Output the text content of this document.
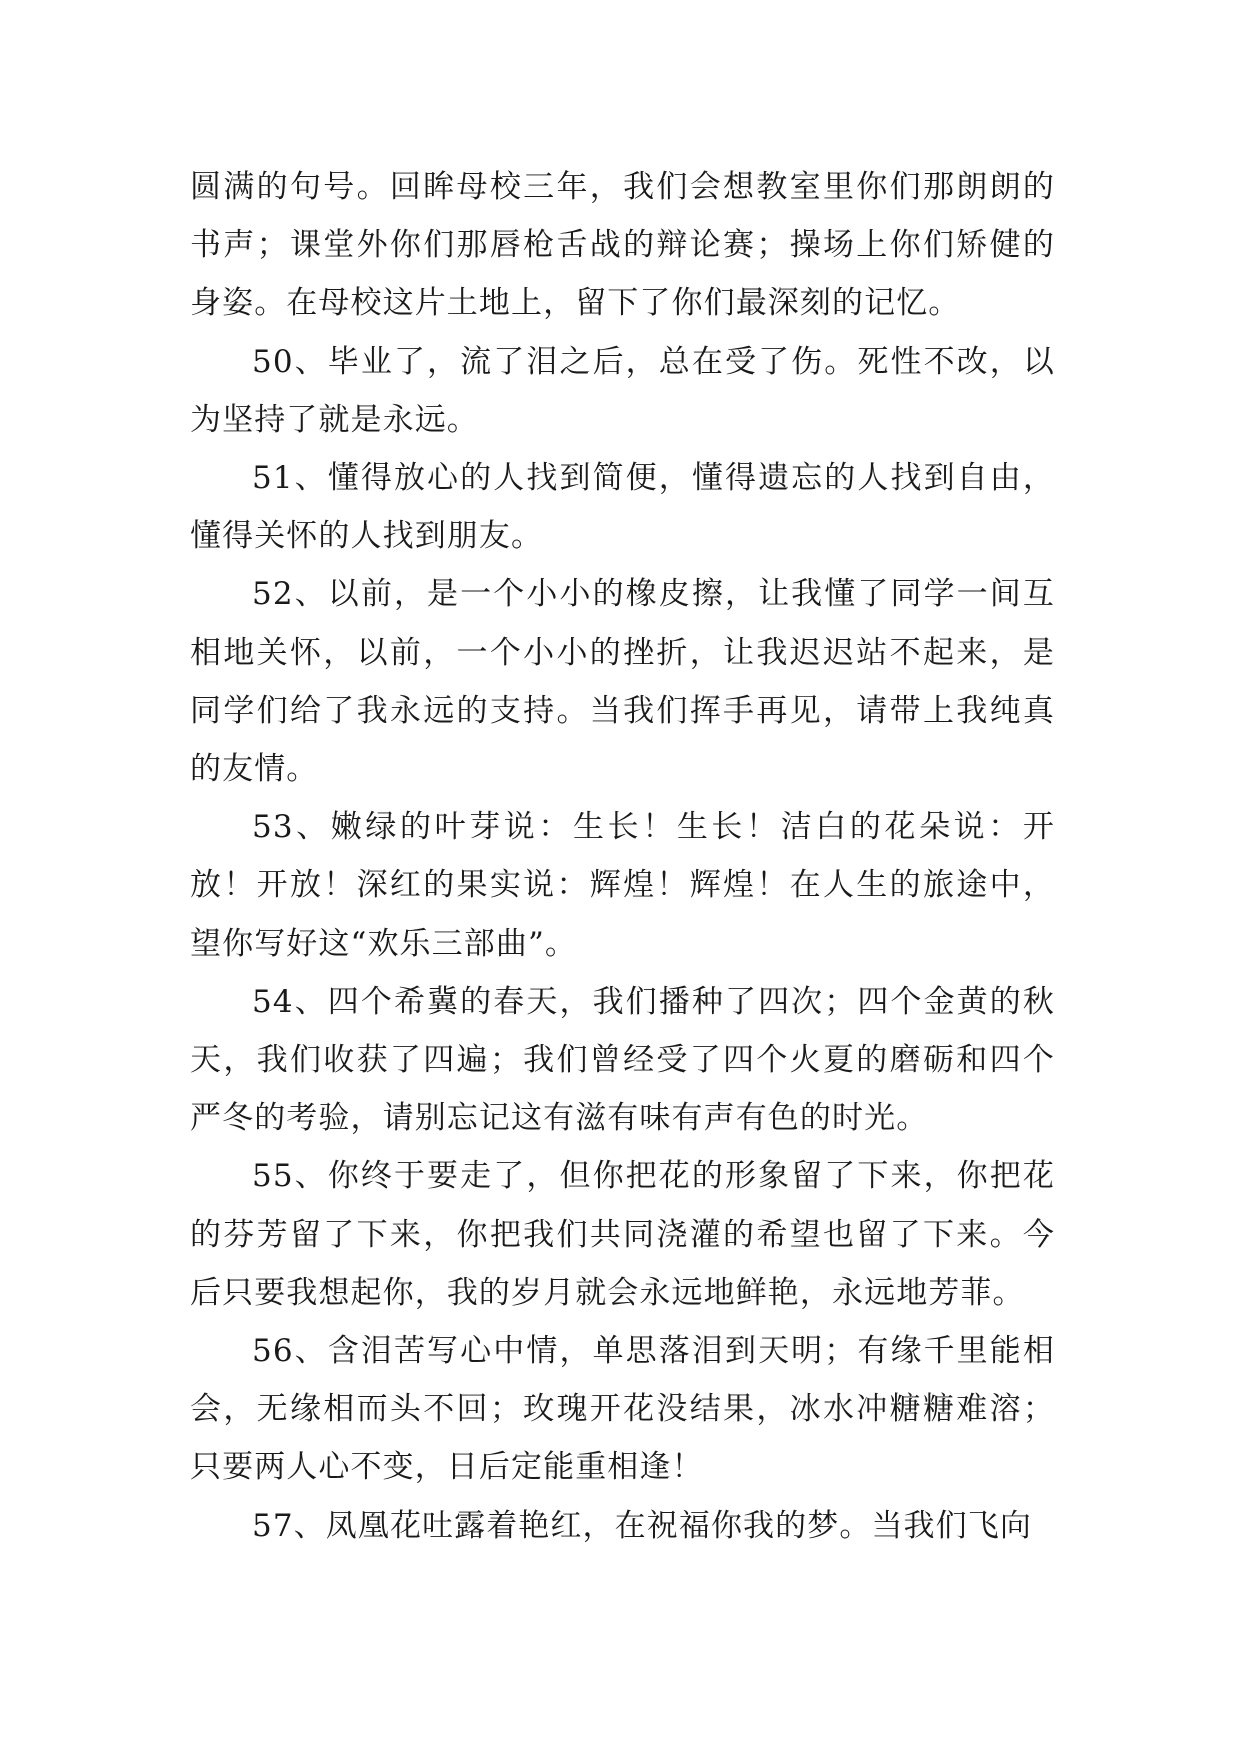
圆满的句号。回眸母校三年，我们会想教室里你们那朗朗的书声；课堂外你们那唇枪舌战的辩论赛；操场上你们矫健的身姿。在母校这片土地上，留下了你们最深刻的记忆。

50、毕业了，流了泪之后，总在受了伤。死性不改，以为坚持了就是永远。

51、懂得放心的人找到简便，懂得遗忘的人找到自由，懂得关怀的人找到朋友。

52、以前，是一个小小的橡皮擦，让我懂了同学一间互相地关怀，以前，一个小小的挫折，让我迟迟站不起来，是同学们给了我永远的支持。当我们挥手再见，请带上我纯真的友情。

53、嫩绿的叶芽说：生长！生长！洁白的花朵说：开放！开放！深红的果实说：辉煌！辉煌！在人生的旅途中，望你写好这“欢乐三部曲”。

54、四个希冀的春天，我们播种了四次；四个金黄的秋天，我们收获了四遍；我们曾经受了四个火夏的磨砺和四个严冬的考验，请别忘记这有滋有味有声有色的时光。

55、你终于要走了，但你把花的形象留了下来，你把花的芬芳留了下来，你把我们共同浇灌的希望也留了下来。今后只要我想起你，我的岁月就会永远地鲜艳，永远地芳菲。

56、含泪苦写心中情，单思落泪到天明；有缘千里能相会，无缘相而头不回；玫瑰开花没结果，冰水冲糖糖难溶；只要两人心不变，日后定能重相逢！

57、凤凰花吐露着艳红，在祝福你我的梦。当我们飞向
